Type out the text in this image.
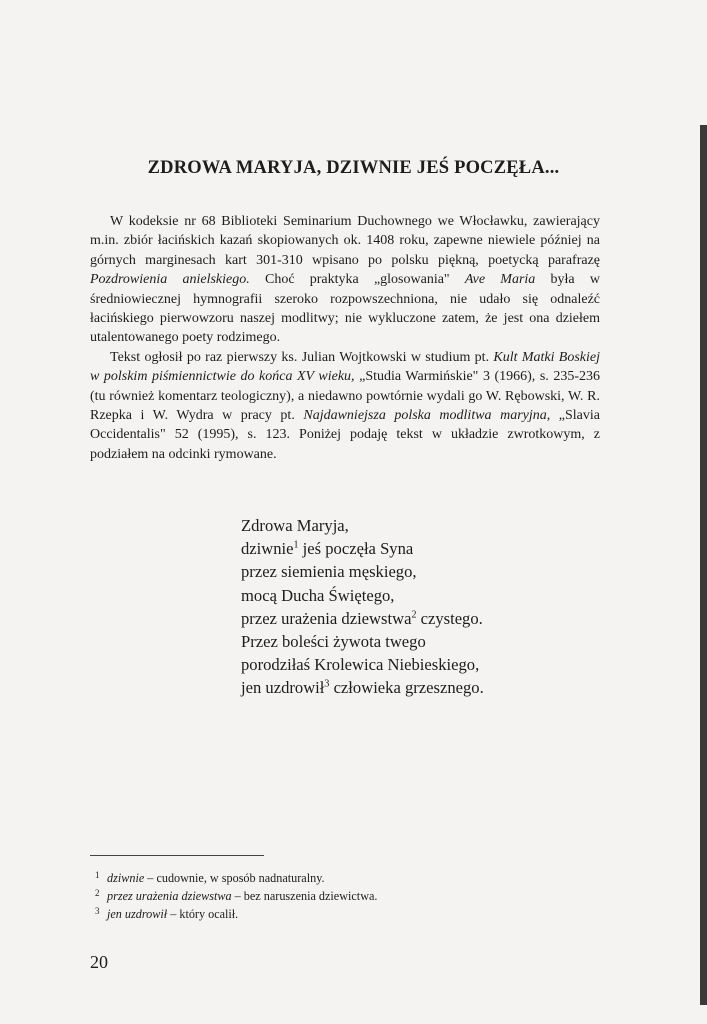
ZDROWA MARYJA, DZIWNIE JEŚ POCZĘŁA...

W kodeksie nr 68 Biblioteki Seminarium Duchownego we Włocławku, zawierający m.in. zbiór łacińskich kazań skopiowanych ok. 1408 roku, zapewne niewiele później na górnych marginesach kart 301-310 wpisano po polsku piękną, poetycką parafrazę Pozdrowienia anielskiego. Choć praktyka „glosowania" Ave Maria była w średniowiecznej hymnografii szeroko rozpowszechniona, nie udało się odnaleźć łacińskiego pierwowzoru naszej modlitwy; nie wykluczone zatem, że jest ona dziełem utalentowanego poety rodzimego.

Tekst ogłosił po raz pierwszy ks. Julian Wojtkowski w studium pt. Kult Matki Boskiej w polskim piśmiennictwie do końca XV wieku, „Studia Warmińskie" 3 (1966), s. 235-236 (tu również komentarz teologiczny), a niedawno powtórnie wydali go W. Rębowski, W. R. Rzepka i W. Wydra w pracy pt. Najdawniejsza polska modlitwa maryjna, „Slavia Occidentalis" 52 (1995), s. 123. Poniżej podaję tekst w układzie zwrotkowym, z podziałem na odcinki rymowane.

Zdrowa Maryja,
dziwnie$^1$ jeś poczęła Syna
przez siemienia męskiego,
mocą Ducha Świętego,
przez urażenia dziewstwa$^2$ czystego.
Przez boleści żywota twego
porodziłaś Krolewica Niebieskiego,
jen uzdrowił$^3$ człowieka grzesznego.
1 dziwnie – cudownie, w sposób nadnaturalny.
2 przez urażenia dziewstwa – bez naruszenia dziewictwa.
3 jen uzdrowił – który ocalił.
20
